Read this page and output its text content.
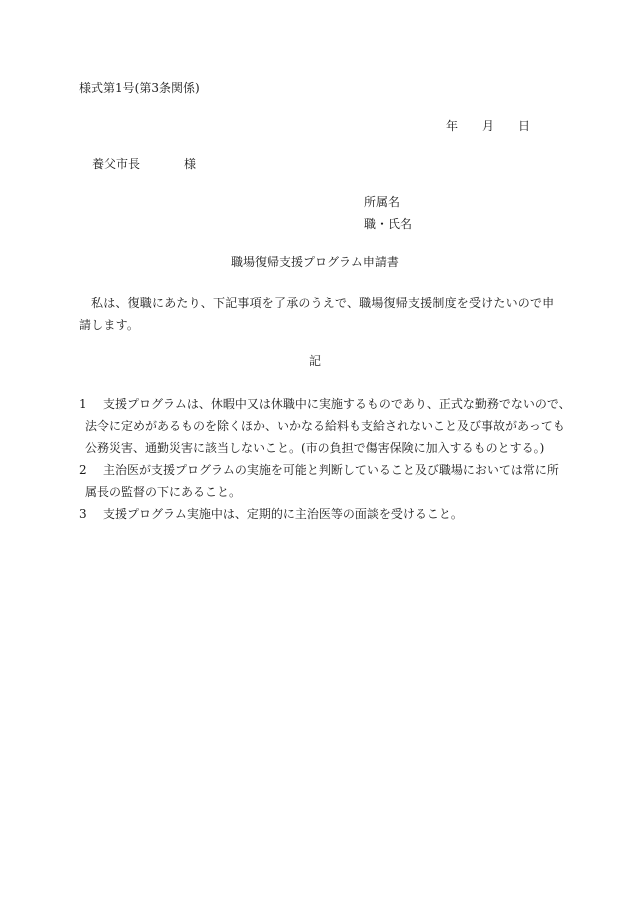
様式第1号(第3条関係)
年 月 日
養父市長	様
所属名
職・氏名
職場復帰支援プログラム申請書
私は、復職にあたり、下記事項を了承のうえで、職場復帰支援制度を受けたいので申請します。
記
1	支援プログラムは、休暇中又は休職中に実施するものであり、正式な勤務でないので、
法令に定めがあるものを除くほか、いかなる給料も支給されないこと及び事故があっても
公務災害、通勤災害に該当しないこと。(市の負担で傷害保険に加入するものとする。)
2	主治医が支援プログラムの実施を可能と判断していること及び職場においては常に所
属長の監督の下にあること。
3	支援プログラム実施中は、定期的に主治医等の面談を受けること。
